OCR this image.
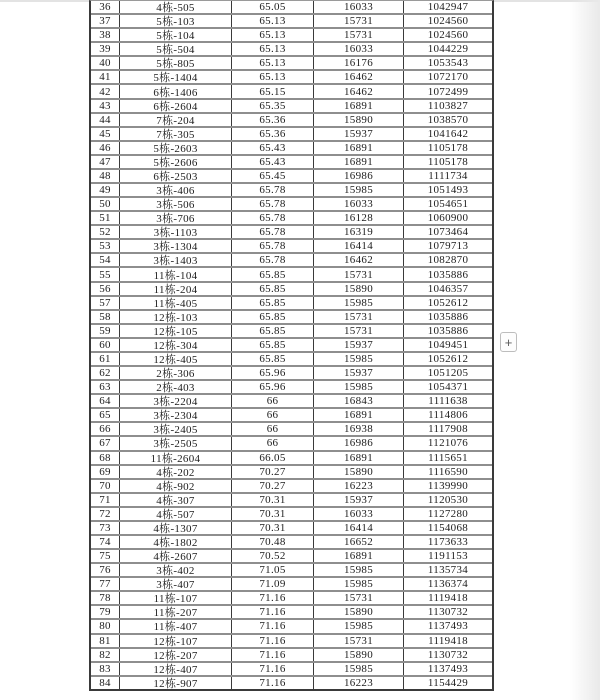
36	4栋-505	65.05	16033	1042947
37	5栋-103	65.13	15731	1024560
38	5栋-104	65.13	15731	1024560
39	5栋-504	65.13	16033	1044229
40	5栋-805	65.13	16176	1053543
41	5栋-1404	65.13	16462	1072170
42	6栋-1406	65.15	16462	1072499
43	6栋-2604	65.35	16891	1103827
44	7栋-204	65.36	15890	1038570
45	7栋-305	65.36	15937	1041642
46	5栋-2603	65.43	16891	1105178
47	5栋-2606	65.43	16891	1105178
48	6栋-2503	65.45	16986	1111734
49	3栋-406	65.78	15985	1051493
50	3栋-506	65.78	16033	1054651
51	3栋-706	65.78	16128	1060900
52	3栋-1103	65.78	16319	1073464
53	3栋-1304	65.78	16414	1079713
54	3栋-1403	65.78	16462	1082870
55	11栋-104	65.85	15731	1035886
56	11栋-204	65.85	15890	1046357
57	11栋-405	65.85	15985	1052612
58	12栋-103	65.85	15731	1035886
59	12栋-105	65.85	15731	1035886
60	12栋-304	65.85	15937	1049451
61	12栋-405	65.85	15985	1052612
62	2栋-306	65.96	15937	1051205
63	2栋-403	65.96	15985	1054371
64	3栋-2204	66	16843	1111638
65	3栋-2304	66	16891	1114806
66	3栋-2405	66	16938	1117908
67	3栋-2505	66	16986	1121076
68	11栋-2604	66.05	16891	1115651
69	4栋-202	70.27	15890	1116590
70	4栋-902	70.27	16223	1139990
71	4栋-307	70.31	15937	1120530
72	4栋-507	70.31	16033	1127280
73	4栋-1307	70.31	16414	1154068
74	4栋-1802	70.48	16652	1173633
75	4栋-2607	70.52	16891	1191153
76	3栋-402	71.05	15985	1135734
77	3栋-407	71.09	15985	1136374
78	11栋-107	71.16	15731	1119418
79	11栋-207	71.16	15890	1130732
80	11栋-407	71.16	15985	1137493
81	12栋-107	71.16	15731	1119418
82	12栋-207	71.16	15890	1130732
83	12栋-407	71.16	15985	1137493
84	12栋-907	71.16	16223	1154429
+
